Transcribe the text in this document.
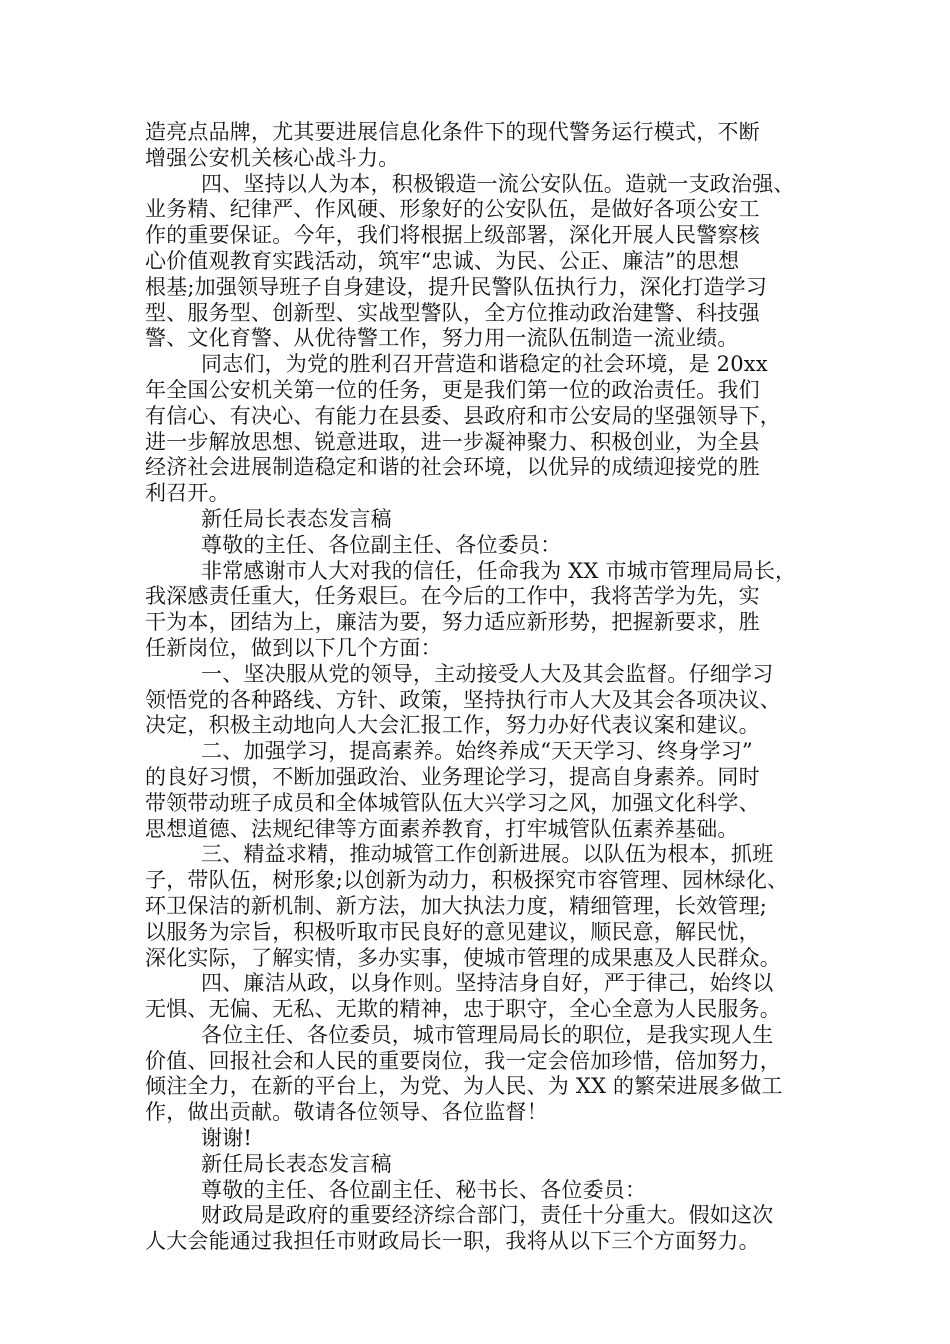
造亮点品牌，尤其要进展信息化条件下的现代警务运行模式，不断
增强公安机关核心战斗力。
四、坚持以人为本，积极锻造一流公安队伍。造就一支政治强、
业务精、纪律严、作风硬、形象好的公安队伍，是做好各项公安工
作的重要保证。今年，我们将根据上级部署，深化开展人民警察核
心价值观教育实践活动，筑牢“忠诚、为民、公正、廉洁”的思想
根基;加强领导班子自身建设，提升民警队伍执行力，深化打造学习
型、服务型、创新型、实战型警队，全方位推动政治建警、科技强
警、文化育警、从优待警工作，努力用一流队伍制造一流业绩。
同志们，为党的胜利召开营造和谐稳定的社会环境，是 20xx
年全国公安机关第一位的任务，更是我们第一位的政治责任。我们
有信心、有决心、有能力在县委、县政府和市公安局的坚强领导下，
进一步解放思想、锐意进取，进一步凝神聚力、积极创业，为全县
经济社会进展制造稳定和谐的社会环境，以优异的成绩迎接党的胜
利召开。
新任局长表态发言稿
尊敬的主任、各位副主任、各位委员：
非常感谢市人大对我的信任，任命我为 XX 市城市管理局局长，
我深感责任重大，任务艰巨。在今后的工作中，我将苦学为先，实
干为本，团结为上，廉洁为要，努力适应新形势，把握新要求，胜
任新岗位，做到以下几个方面：
一、坚决服从党的领导，主动接受人大及其会监督。仔细学习
领悟党的各种路线、方针、政策，坚持执行市人大及其会各项决议、
决定，积极主动地向人大会汇报工作，努力办好代表议案和建议。
二、加强学习，提高素养。始终养成“天天学习、终身学习”
的良好习惯，不断加强政治、业务理论学习，提高自身素养。同时
带领带动班子成员和全体城管队伍大兴学习之风，加强文化科学、
思想道德、法规纪律等方面素养教育，打牢城管队伍素养基础。
三、精益求精，推动城管工作创新进展。以队伍为根本，抓班
子，带队伍，树形象;以创新为动力，积极探究市容管理、园林绿化、
环卫保洁的新机制、新方法，加大执法力度，精细管理，长效管理;
以服务为宗旨，积极听取市民良好的意见建议，顺民意，解民忧，
深化实际，了解实情，多办实事，使城市管理的成果惠及人民群众。
四、廉洁从政，以身作则。坚持洁身自好，严于律己，始终以
无惧、无偏、无私、无欺的精神，忠于职守，全心全意为人民服务。
各位主任、各位委员，城市管理局局长的职位，是我实现人生
价值、回报社会和人民的重要岗位，我一定会倍加珍惜，倍加努力，
倾注全力，在新的平台上，为党、为人民、为 XX 的繁荣进展多做工
作，做出贡献。敬请各位领导、各位监督！
谢谢!
新任局长表态发言稿
尊敬的主任、各位副主任、秘书长、各位委员：
财政局是政府的重要经济综合部门，责任十分重大。假如这次
人大会能通过我担任市财政局长一职，我将从以下三个方面努力。
